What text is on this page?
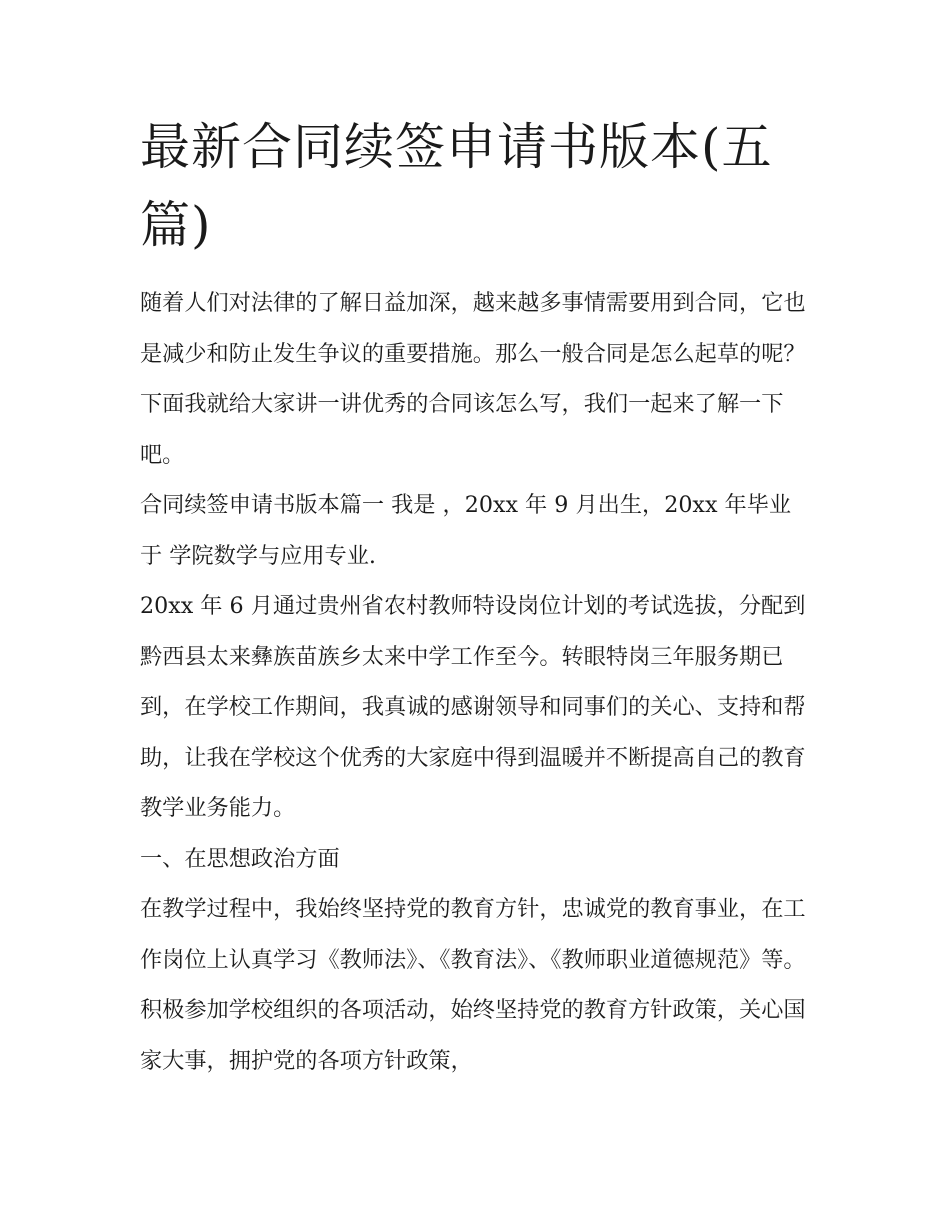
最新合同续签申请书版本(五篇)

随着人们对法律的了解日益加深，越来越多事情需要用到合同，它也是减少和防止发生争议的重要措施。那么一般合同是怎么起草的呢？下面我就给大家讲一讲优秀的合同该怎么写，我们一起来了解一下吧。

合同续签申请书版本篇一 我是 ，20xx 年 9 月出生，20xx 年毕业于 学院数学与应用专业.

20xx 年 6 月通过贵州省农村教师特设岗位计划的考试选拔，分配到黔西县太来彝族苗族乡太来中学工作至今。转眼特岗三年服务期已到，在学校工作期间，我真诚的感谢领导和同事们的关心、支持和帮助，让我在学校这个优秀的大家庭中得到温暖并不断提高自己的教育教学业务能力。

一、在思想政治方面

在教学过程中，我始终坚持党的教育方针，忠诚党的教育事业，在工作岗位上认真学习《教师法》、《教育法》、《教师职业道德规范》等。积极参加学校组织的各项活动，始终坚持党的教育方针政策，关心国家大事，拥护党的各项方针政策，
